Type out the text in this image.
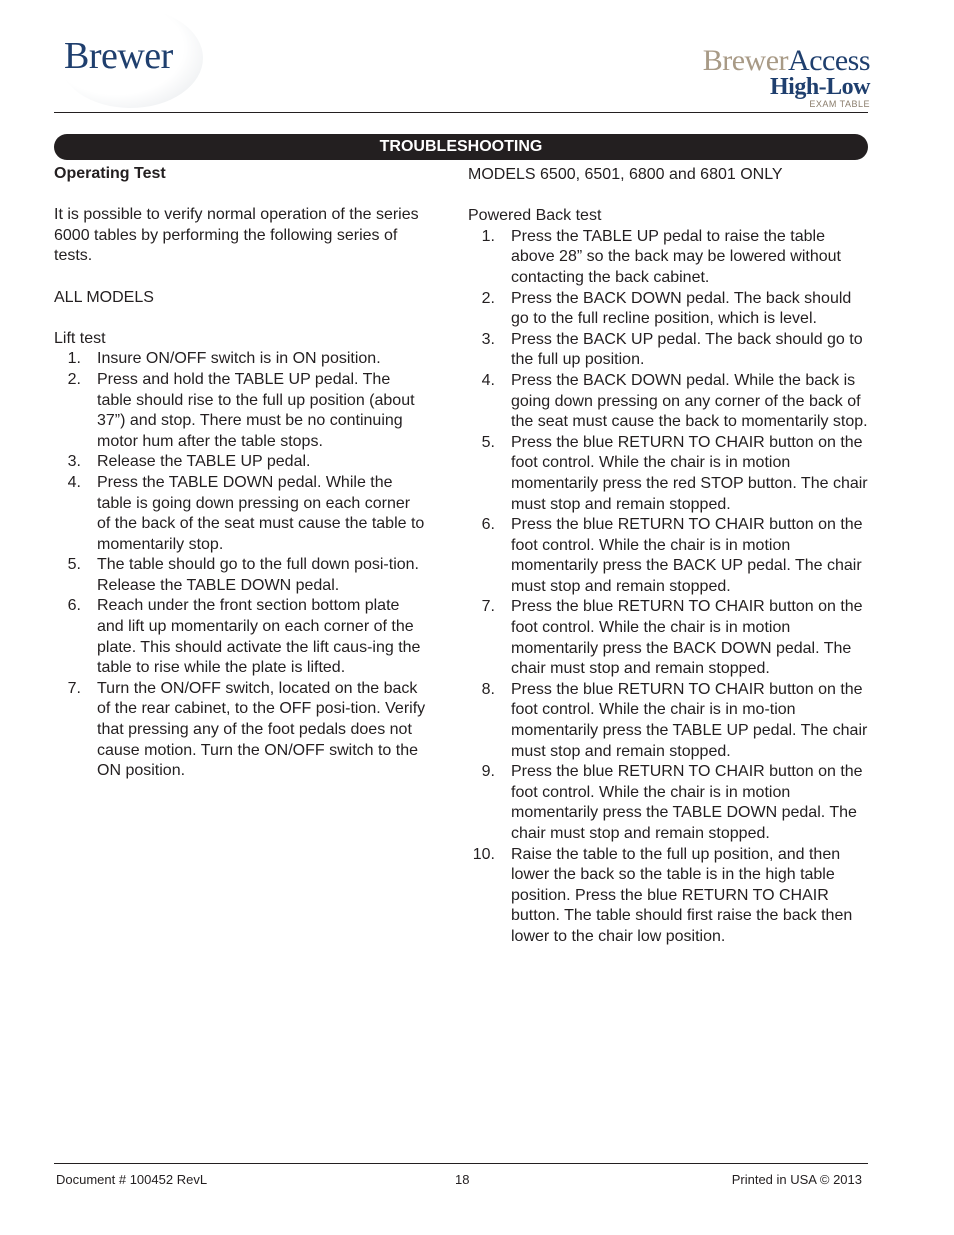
Brewer	BrewerAccess
High-Low
EXAM TABLE
TROUBLESHOOTING

Operating Test

It is possible to verify normal operation of the series 6000 tables by performing the following series of tests.

ALL MODELS

Lift test

1. Insure ON/OFF switch is in ON position.
2. Press and hold the TABLE UP pedal. The table should rise to the full up position (about 37”) and stop. There must be no continuing motor hum after the table stops.
3. Release the TABLE UP pedal.
4. Press the TABLE DOWN pedal. While the table is going down pressing on each corner of the back of the seat must cause the table to momentarily stop.
5. The table should go to the full down posi-tion. Release the TABLE DOWN pedal.
6. Reach under the front section bottom plate and lift up momentarily on each corner of the plate. This should activate the lift caus-ing the table to rise while the plate is lifted.
7. Turn the ON/OFF switch, located on the back of the rear cabinet, to the OFF posi-tion. Verify that pressing any of the foot pedals does not cause motion. Turn the ON/OFF switch to the ON position.

MODELS 6500, 6501, 6800 and 6801 ONLY

Powered Back test

1. Press the TABLE UP pedal to raise the table above 28” so the back may be lowered without contacting the back cabinet.
2. Press the BACK DOWN pedal. The back should go to the full recline position, which is level.
3. Press the BACK UP pedal. The back should go to the full up position.
4. Press the BACK DOWN pedal. While the back is going down pressing on any corner of the back of the seat must cause the back to momentarily stop.
5. Press the blue RETURN TO CHAIR button on the foot control. While the chair is in motion momentarily press the red STOP button. The chair must stop and remain stopped.
6. Press the blue RETURN TO CHAIR button on the foot control. While the chair is in motion momentarily press the BACK UP pedal. The chair must stop and remain stopped.
7. Press the blue RETURN TO CHAIR button on the foot control. While the chair is in motion momentarily press the BACK DOWN pedal. The chair must stop and remain stopped.
8. Press the blue RETURN TO CHAIR button on the foot control. While the chair is in mo-tion momentarily press the TABLE UP pedal. The chair must stop and remain stopped.
9. Press the blue RETURN TO CHAIR button on the foot control. While the chair is in motion momentarily press the TABLE DOWN pedal. The chair must stop and remain stopped.
10. Raise the table to the full up position, and then lower the back so the table is in the high table position. Press the blue RETURN TO CHAIR button. The table should first raise the back then lower to the chair low position.
Document # 100452 RevL	18	Printed in USA © 2013
